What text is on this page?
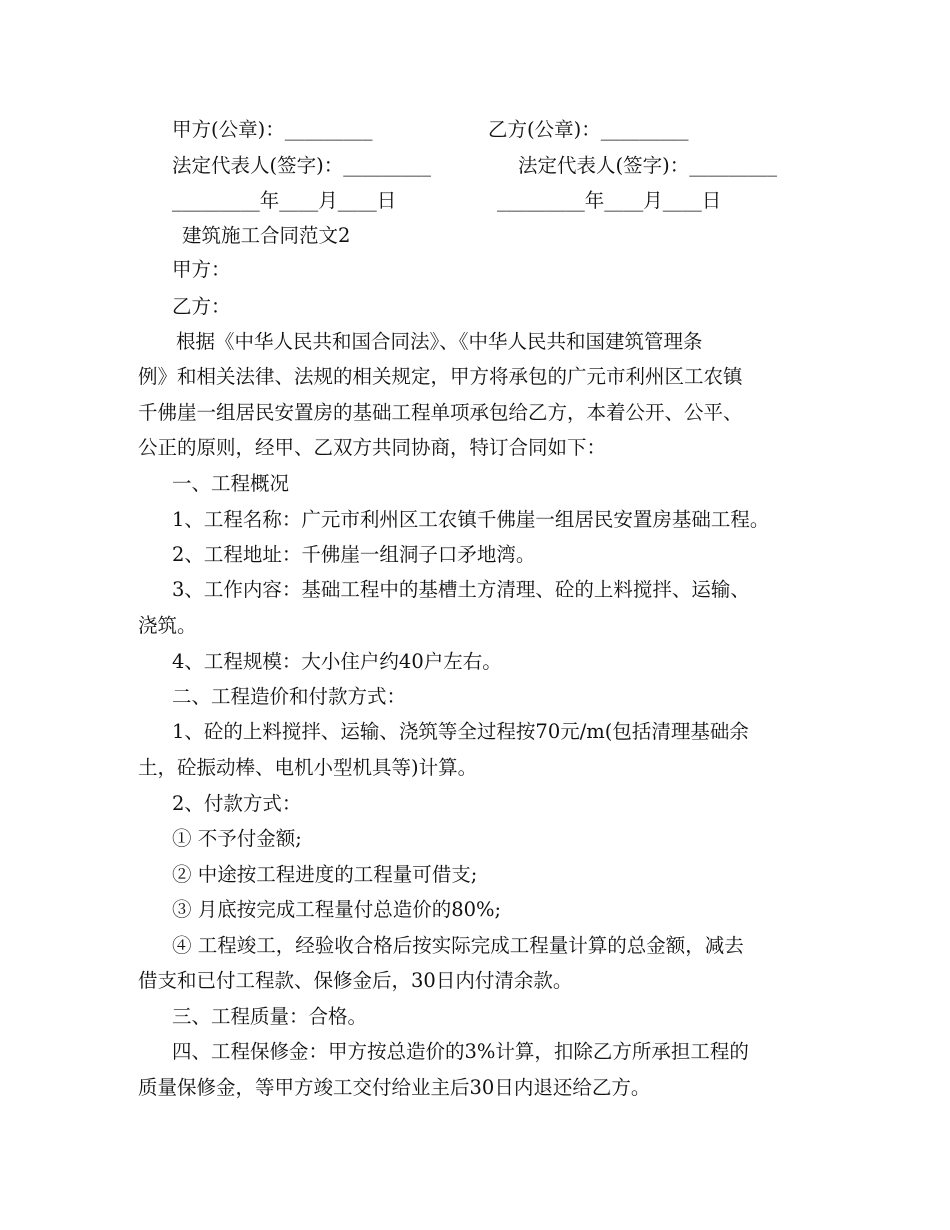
甲方(公章)：_________	乙方(公章)：_________
法定代表人(签字)：_________	法定代表人(签字)：_________
_________年____月____日	_________年____月____日
建筑施工合同范文2
甲方：
乙方：
根据《中华人民共和国合同法》、《中华人民共和国建筑管理条
例》和相关法律、法规的相关规定，甲方将承包的广元市利州区工农镇
千佛崖一组居民安置房的基础工程单项承包给乙方，本着公开、公平、
公正的原则，经甲、乙双方共同协商，特订合同如下：
一、工程概况
1、工程名称：广元市利州区工农镇千佛崖一组居民安置房基础工程。
2、工程地址：千佛崖一组洞子口矛地湾。
3、工作内容：基础工程中的基槽土方清理、砼的上料搅拌、运输、
浇筑。
4、工程规模：大小住户约40户左右。
二、工程造价和付款方式：
1、砼的上料搅拌、运输、浇筑等全过程按70元/m(包括清理基础余
土，砼振动棒、电机小型机具等)计算。
2、付款方式：
① 不予付金额;
② 中途按工程进度的工程量可借支;
③ 月底按完成工程量付总造价的80%;
④ 工程竣工，经验收合格后按实际完成工程量计算的总金额，减去
借支和已付工程款、保修金后，30日内付清余款。
三、工程质量：合格。
四、工程保修金：甲方按总造价的3%计算，扣除乙方所承担工程的
质量保修金，等甲方竣工交付给业主后30日内退还给乙方。
